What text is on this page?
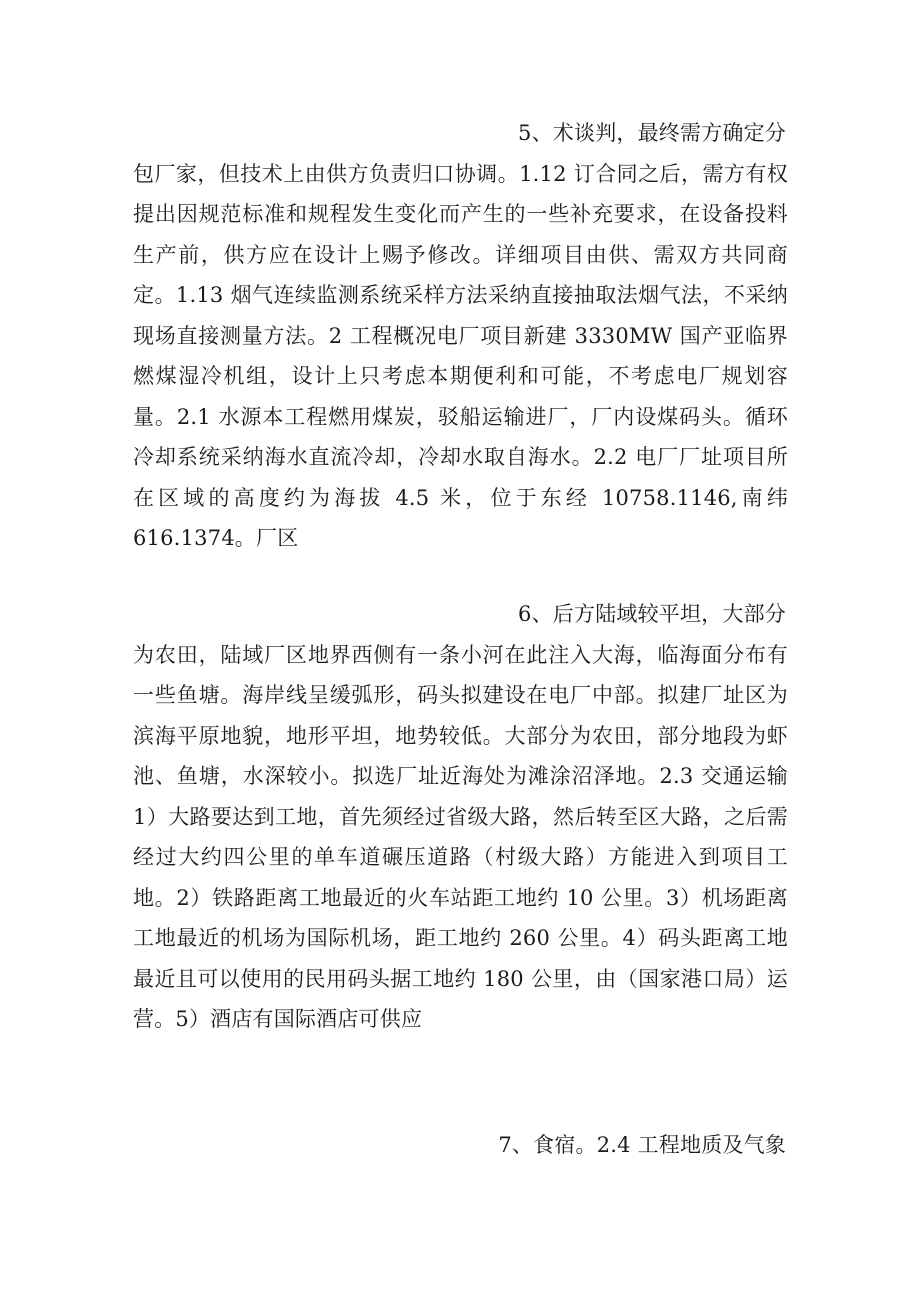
5、术谈判，最终需方确定分
包厂家，但技术上由供方负责归口协调。1.12 订合同之后，需方有权提出因规范标准和规程发生变化而产生的一些补充要求，在设备投料生产前，供方应在设计上赐予修改。详细项目由供、需双方共同商定。1.13 烟气连续监测系统采样方法采纳直接抽取法烟气法，不采纳现场直接测量方法。2 工程概况电厂项目新建 3330MW 国产亚临界燃煤湿冷机组，设计上只考虑本期便利和可能，不考虑电厂规划容量。2.1 水源本工程燃用煤炭，驳船运输进厂，厂内设煤码头。循环冷却系统采纳海水直流冷却，冷却水取自海水。2.2 电厂厂址项目所在区域的高度约为海拔 4.5 米，位于东经 10758.1146,南纬 616.1374。厂区

6、后方陆域较平坦，大部分
为农田，陆域厂区地界西侧有一条小河在此注入大海，临海面分布有一些鱼塘。海岸线呈缓弧形，码头拟建设在电厂中部。拟建厂址区为滨海平原地貌，地形平坦，地势较低。大部分为农田，部分地段为虾池、鱼塘，水深较小。拟选厂址近海处为滩涂沼泽地。2.3 交通运输 1）大路要达到工地，首先须经过省级大路，然后转至区大路，之后需经过大约四公里的单车道碾压道路（村级大路）方能进入到项目工地。2）铁路距离工地最近的火车站距工地约 10 公里。3）机场距离工地最近的机场为国际机场，距工地约 260 公里。4）码头距离工地最近且可以使用的民用码头据工地约 180 公里，由（国家港口局）运营。5）酒店有国际酒店可供应

7、食宿。2.4 工程地质及气象
